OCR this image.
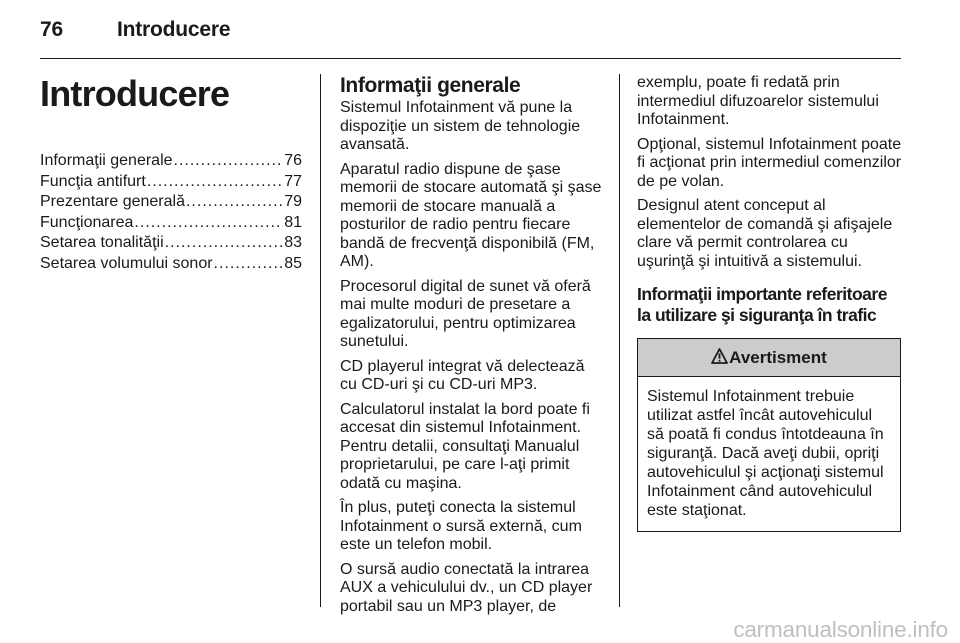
76	Introducere
Introducere
Informaţii generale .....	76
Funcţia antifurt .....	77
Prezentare generală .....	79
Funcţionarea .....	81
Setarea tonalităţii .....	83
Setarea volumului sonor .....	85
Informaţii generale

Sistemul Infotainment vă pune la dispoziţie un sistem de tehnologie avansată.

Aparatul radio dispune de şase memorii de stocare automată şi şase memorii de stocare manuală a posturilor de radio pentru fiecare bandă de frecvenţă disponibilă (FM, AM).

Procesorul digital de sunet vă oferă mai multe moduri de presetare a egalizatorului, pentru optimizarea sunetului.

CD playerul integrat vă delectează cu CD-uri şi cu CD-uri MP3.

Calculatorul instalat la bord poate fi accesat din sistemul Infotainment. Pentru detalii, consultaţi Manualul proprietarului, pe care l-aţi primit odată cu maşina.

În plus, puteţi conecta la sistemul Infotainment o sursă externă, cum este un telefon mobil.

O sursă audio conectată la intrarea AUX a vehiculului dv., un CD player portabil sau un MP3 player, de

exemplu, poate fi redată prin intermediul difuzoarelor sistemului Infotainment.

Opţional, sistemul Infotainment poate fi acţionat prin intermediul comenzilor de pe volan.

Designul atent conceput al elementelor de comandă şi afişajele clare vă permit controlarea cu uşurinţă şi intuitivă a sistemului.

Informaţii importante referitoare la utilizare şi siguranţa în trafic
Avertisment
Sistemul Infotainment trebuie utilizat astfel încât autovehiculul să poată fi condus întotdeauna în siguranţă. Dacă aveţi dubii, opriţi autovehiculul şi acţionaţi sistemul Infotainment când autovehiculul este staţionat.
carmanualsonline.info
